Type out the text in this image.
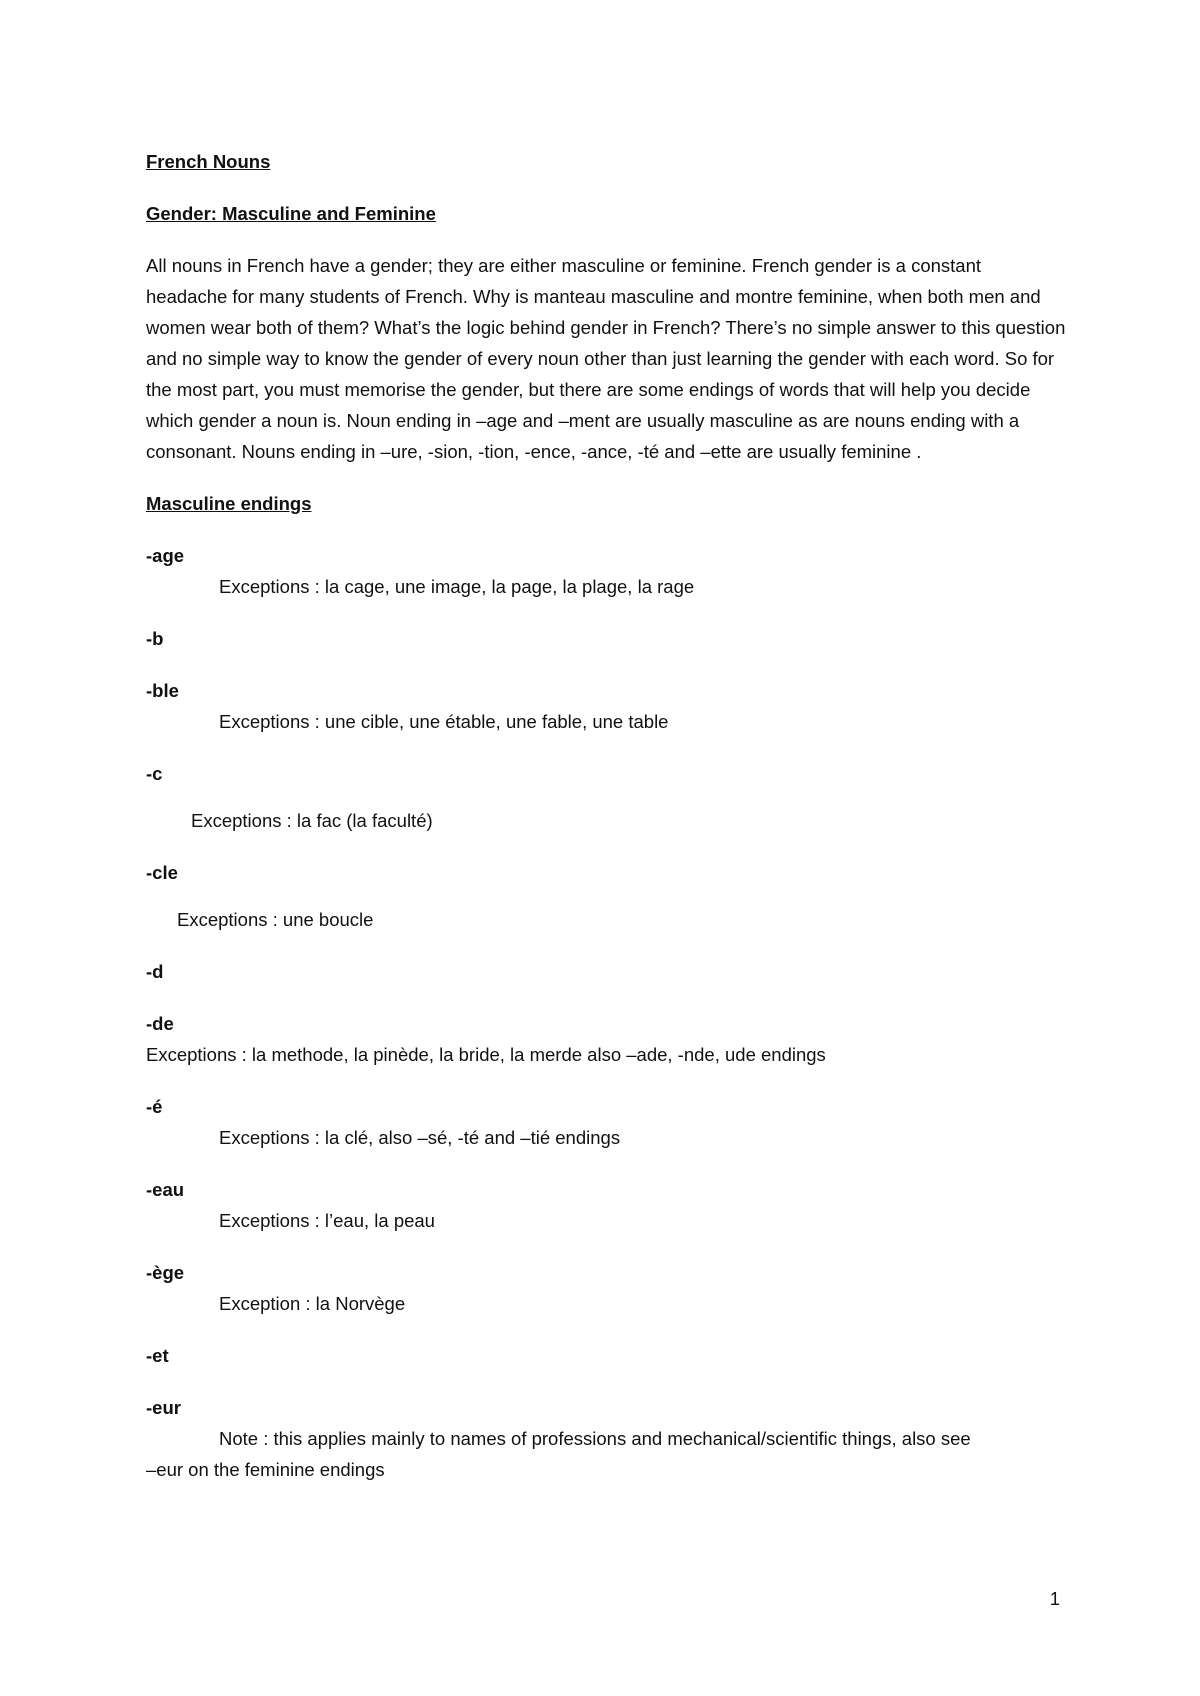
French Nouns
Gender: Masculine and Feminine
All nouns in French have a gender; they are either masculine or feminine. French gender is a constant headache for many students of French. Why is manteau masculine and montre feminine, when both men and women wear both of them? What’s the logic behind gender in French? There’s no simple answer to this question and no simple way to know the gender of every noun other than just learning the gender with each word. So for the most part, you must memorise the gender, but there are some endings of words that will help you decide which gender a noun is. Noun ending in –age and –ment are usually masculine as are nouns ending with a consonant. Nouns ending in –ure, -sion, -tion, -ence, -ance, -té and –ette are usually feminine .
Masculine endings
-age
Exceptions : la cage, une image, la page, la plage, la rage
-b
-ble
Exceptions : une cible, une étable, une fable, une table
-c
Exceptions : la fac (la faculté)
-cle
Exceptions : une boucle
-d
-de
Exceptions : la methode, la pinède, la bride, la merde also –ade, -nde, ude endings
-é
Exceptions : la clé, also –sé, -té and –tié endings
-eau
Exceptions : l’eau, la peau
-ège
Exception : la Norvège
-et
-eur
Note : this applies mainly to names of professions and mechanical/scientific things, also see
–eur on the feminine endings
1
